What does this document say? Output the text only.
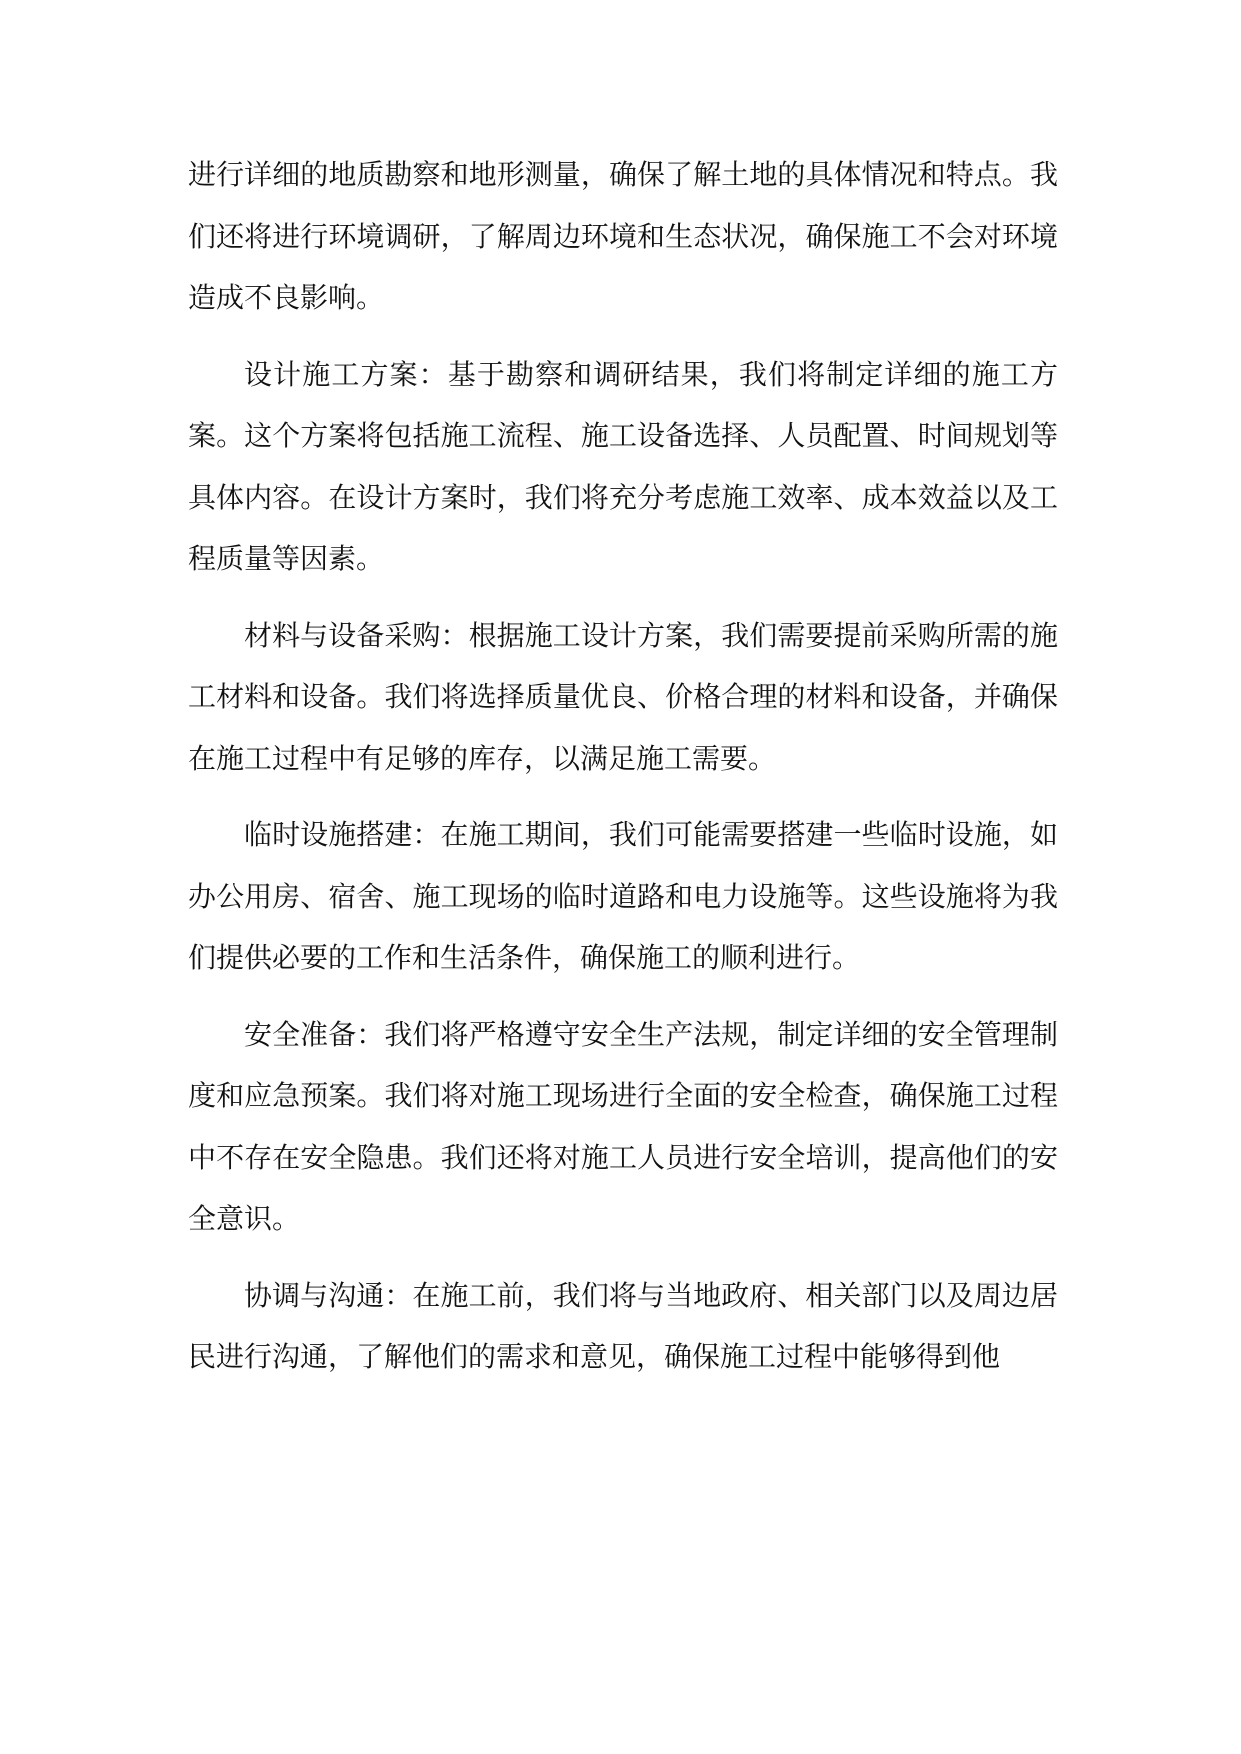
进行详细的地质勘察和地形测量，确保了解土地的具体情况和特点。我们还将进行环境调研，了解周边环境和生态状况，确保施工不会对环境造成不良影响。

设计施工方案：基于勘察和调研结果，我们将制定详细的施工方案。这个方案将包括施工流程、施工设备选择、人员配置、时间规划等具体内容。在设计方案时，我们将充分考虑施工效率、成本效益以及工程质量等因素。

材料与设备采购：根据施工设计方案，我们需要提前采购所需的施工材料和设备。我们将选择质量优良、价格合理的材料和设备，并确保在施工过程中有足够的库存，以满足施工需要。

临时设施搭建：在施工期间，我们可能需要搭建一些临时设施，如办公用房、宿舍、施工现场的临时道路和电力设施等。这些设施将为我们提供必要的工作和生活条件，确保施工的顺利进行。

安全准备：我们将严格遵守安全生产法规，制定详细的安全管理制度和应急预案。我们将对施工现场进行全面的安全检查，确保施工过程中不存在安全隐患。我们还将对施工人员进行安全培训，提高他们的安全意识。

协调与沟通：在施工前，我们将与当地政府、相关部门以及周边居民进行沟通，了解他们的需求和意见，确保施工过程中能够得到他
